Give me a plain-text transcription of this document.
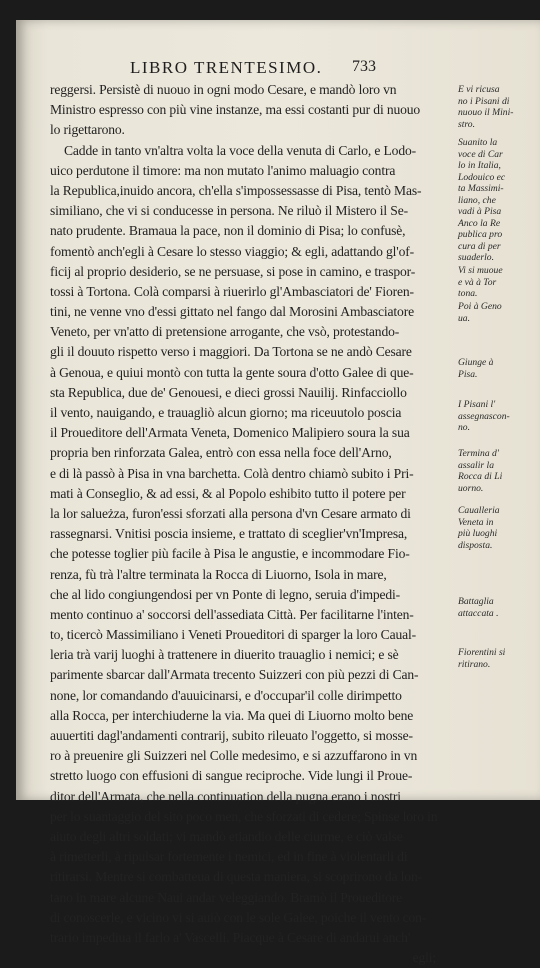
LIBRO TRENTESIMO.	733
reggersi. Persistè di nuouo in ogni modo Cesare, e mandò loro vn
Ministro espresso con più vine instanze, ma essi costanti pur di nuouo
lo rigettarono.
Cadde in tanto vn'altra volta la voce della venuta di Carlo, e Lodo-
uico perdutone il timore: ma non mutato l'animo maluagio contra
la Republica,inuido ancora, ch'ella s'impossessasse di Pisa, tentò Mas-
similiano, che vi si conducesse in persona. Ne riluò il Mistero il Se-
nato prudente. Bramaua la pace, non il dominio di Pisa; lo confusè,
fomentò anch'egli à Cesare lo stesso viaggio; & egli, adattando gl'of-
ficij al proprio desiderio, se ne persuase, si pose in camino, e traspor-
tossi à Tortona. Colà comparsi à riuerirlo gl'Ambasciatori de' Fioren-
tini, ne venne vno d'essi gittato nel fango dal Morosini Ambasciatore
Veneto, per vn'atto di pretensione arrogante, che vsò, protestando-
gli il douuto rispetto verso i maggiori. Da Tortona se ne andò Cesare
à Genoua, e quiui montò con tutta la gente soura d'otto Galee di que-
sta Republica, due de' Genouesi, e dieci grossi Nauilij. Rinfacciollo
il vento, nauigando, e trauagliò alcun giorno; ma riceuutolo poscia
il Proueditore dell'Armata Veneta, Domenico Malipiero soura la sua
propria ben rinforzata Galea, entrò con essa nella foce dell'Arno,
e di là passò à Pisa in vna barchetta. Colà dentro chiamò subito i Pri-
mati à Conseglio, & ad essi, & al Popolo eshibito tutto il potere per
la lor salueżza, furon'essi sforzati alla persona d'vn Cesare armato di
rassegnarsi. Vnitisi poscia insieme, e trattato di sceglier'vn'Impresa,
che potesse toglier più facile à Pisa le angustie, e incommodare Fio-
renza, fù trà l'altre terminata la Rocca di Liuorno, Isola in mare,
che al lido congiungendosi per vn Ponte di legno, seruia d'impedi-
mento continuo a' soccorsi dell'assediata Città. Per facilitarne l'inten-
to, ticercò Massimiliano i Veneti Proueditori di sparger la loro Caual-
leria trà varij luoghi à trattenere in diuerito trauaglio i nemici; e sè
parimente sbarcar dall'Armata trecento Suizzeri con più pezzi di Can-
none, lor comandando d'auuicinarsi, e d'occupar'il colle dirimpetto
alla Rocca, per interchiuderne la via. Ma quei di Liuorno molto bene
auuertiti dagl'andamenti contrarij, subito rileuato l'oggetto, si mosse-
ro à preuenire gli Suizzeri nel Colle medesimo, e si azzuffarono in vn
stretto luogo con effusioni di sangue reciproche. Vide lungi il Proue-
ditor dell'Armata, che nella continuation della pugna erano i nostri
per lo suantaggio del sito poco men, che sforzati di cedere; Spinse loro in
aiuto degli altri soldati; vi mandò etiandio delle ciurme, e ciò valse
à rimetterli, à ripulsar fortemente i nemici, ed in fine à violentarli di
ritirarsi. Mentre si combatteua di questa maniera, si scoprirono da lon-
tano in mare alcune Naui andar veleggiando. Bramò il Proueditore
di conoscerle, e vicino vi si auiò con le sole Galee, poiche il vento con-
trario impediua il farlo a' Vascelli. Piacque à Cesare di andarui anch'
egli;
E vi ricusa
no i Pisani di
nuouo il Mini-
stro.
Suanito la
voce di Car
lo in Italia,
Lodouico ec
ta Massimi-
liano, che
vadi à Pisa
Anco la Re
publica pro
cura di per
suaderlo.
Vi si muoue
e và à Tor
tona.
Poi à Geno
ua.
Giunge à
Pisa.
I Pisani l'
assegnascon-
no.
Termina d'
assalir la
Rocca di Li
uorno.
Caualleria
Veneta in
più luoghi
disposta.
Battaglia
attaccata .
Fiorentini si
ritirano.
